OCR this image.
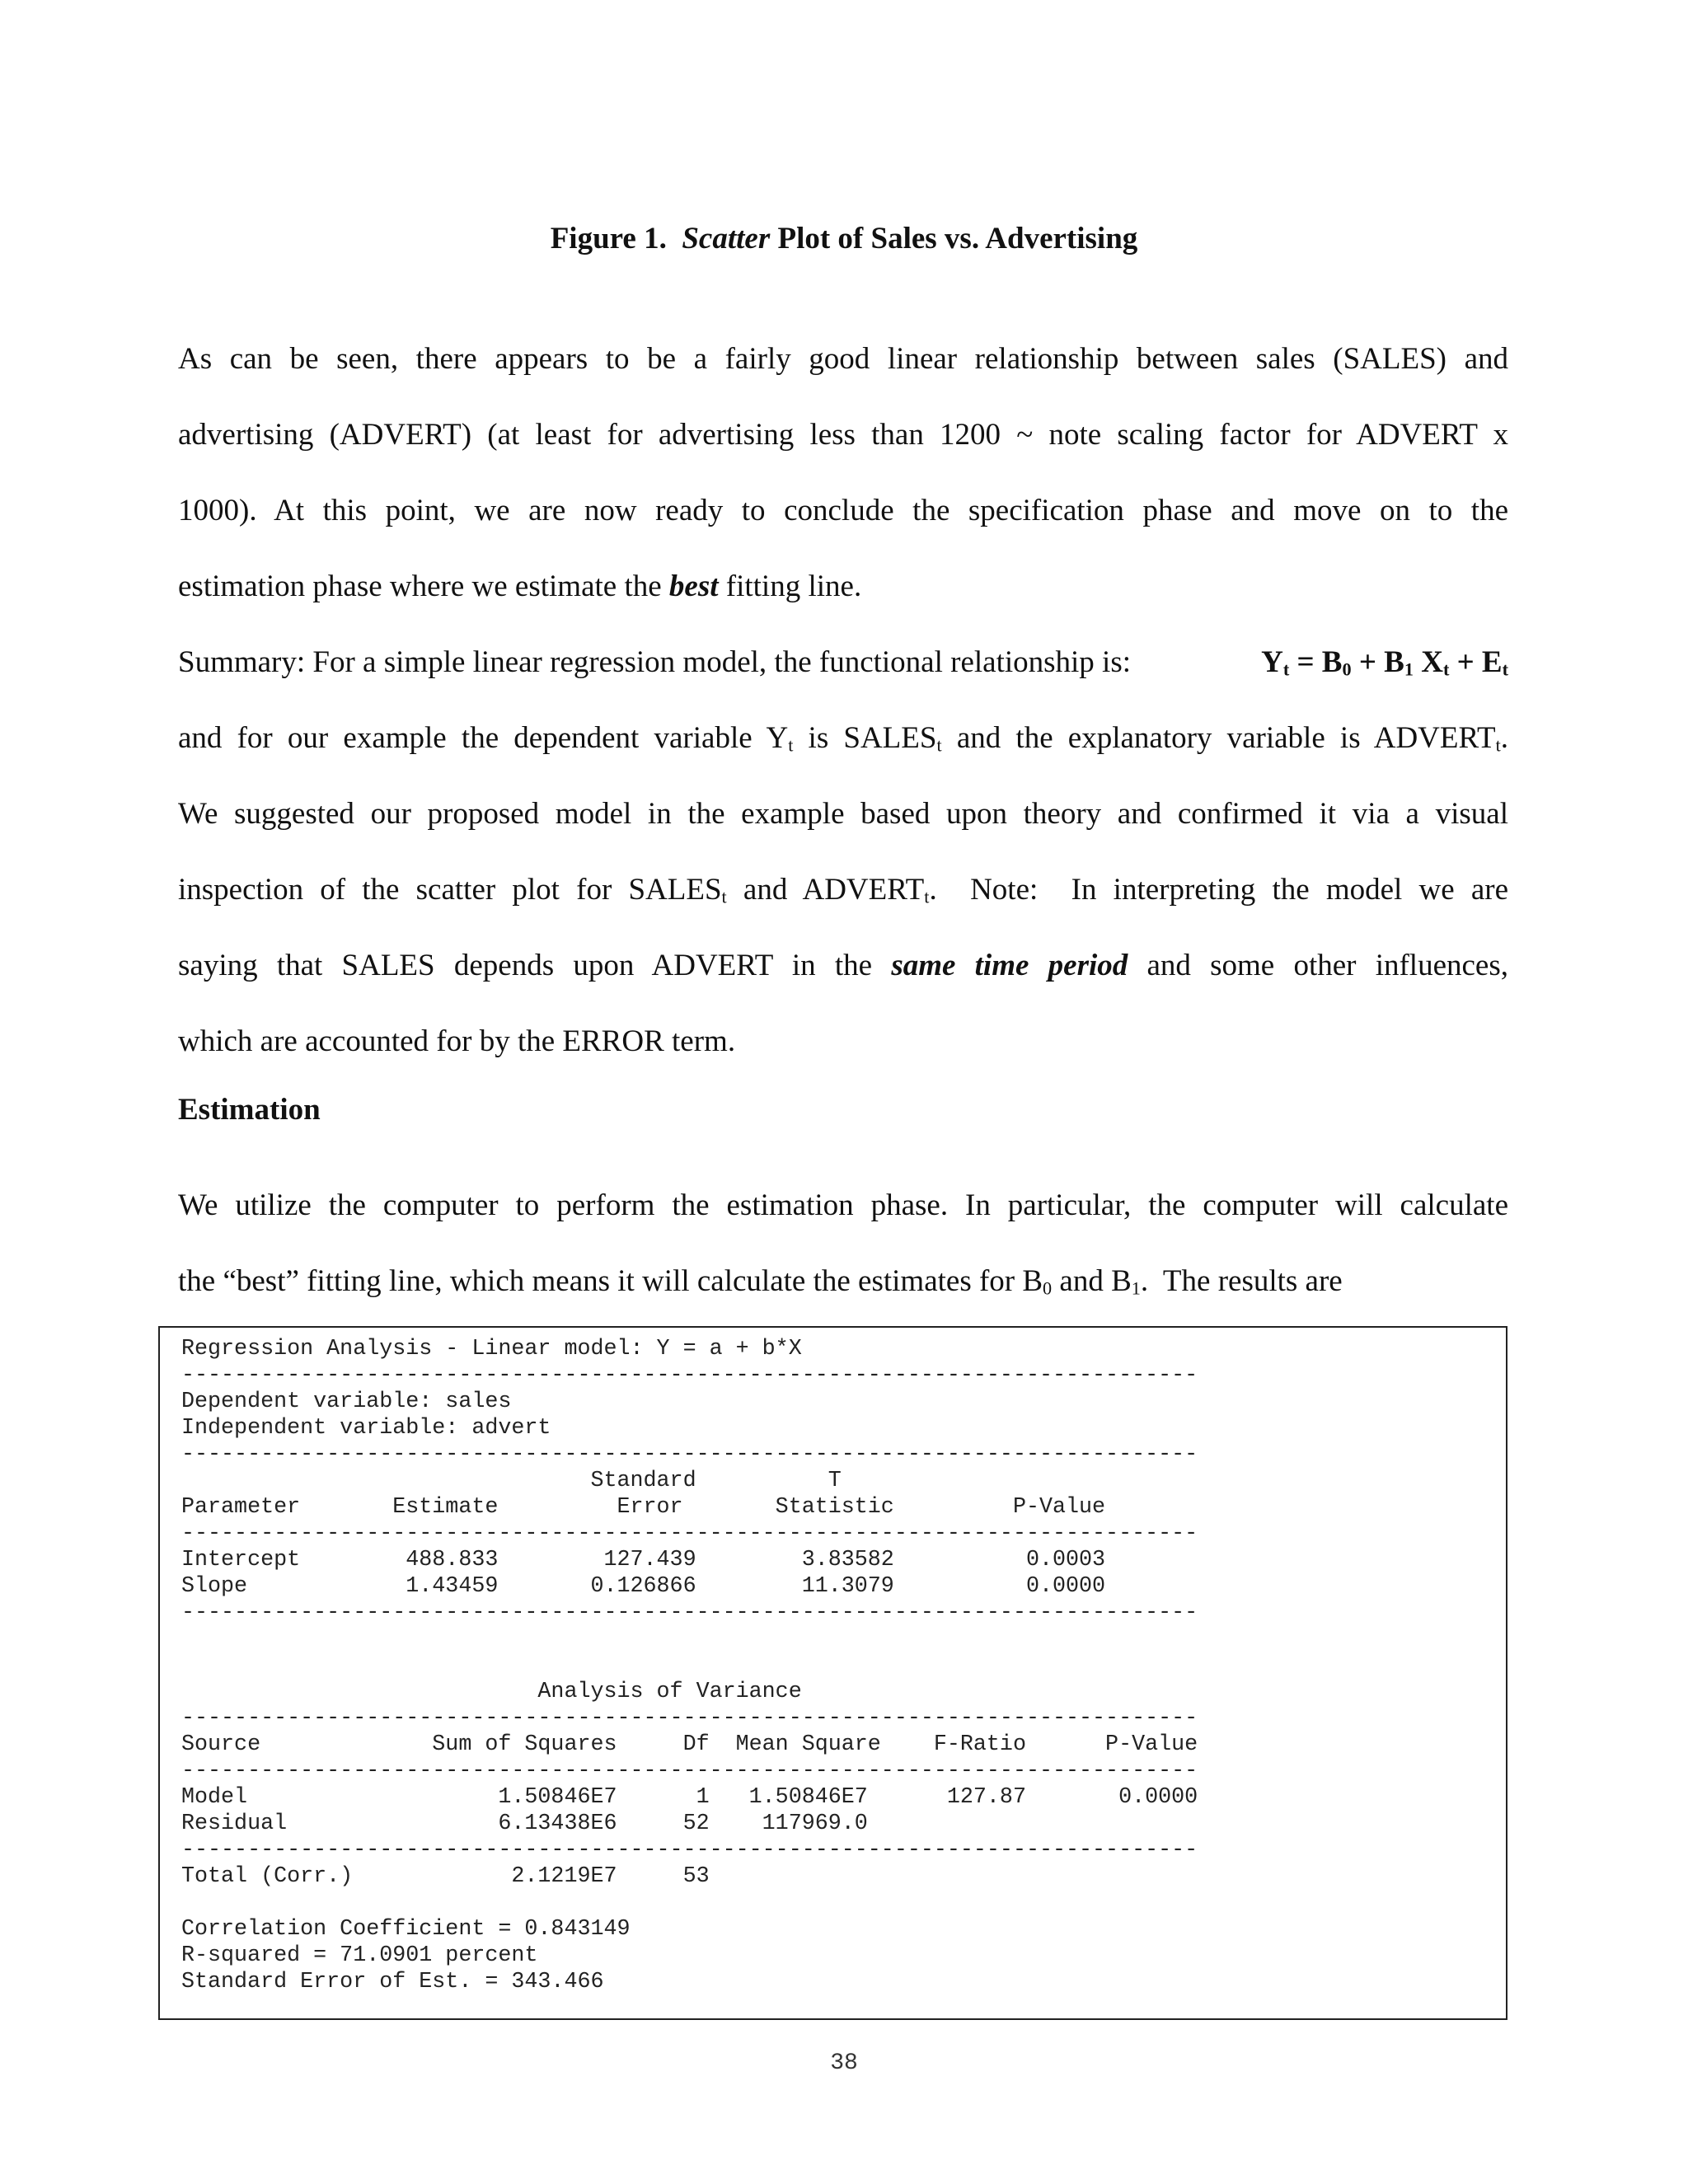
Figure 1. Scatter Plot of Sales vs. Advertising
As can be seen, there appears to be a fairly good linear relationship between sales (SALES) and
advertising (ADVERT) (at least for advertising less than 1200 ~ note scaling factor for ADVERT x
1000). At this point, we are now ready to conclude the specification phase and move on to the
estimation phase where we estimate the best fitting line.
Summary: For a simple linear regression model, the functional relationship is:	$Y_t = B_0 + B_1$ $X_t + E_t$
and for our example the dependent variable $Y_t$ is $SALES_t$ and the explanatory variable is $ADVERT_t$.
We suggested our proposed model in the example based upon theory and confirmed it via a visual
inspection of the scatter plot for $SALES_t$ and $ADVERT_t$.  Note:  In interpreting the model we are
saying that SALES depends upon ADVERT in the same time period and some other influences,
which are accounted for by the ERROR term.
Estimation
We utilize the computer to perform the estimation phase. In particular, the computer will calculate
the “best” fitting line, which means it will calculate the estimates for $B_0$ and $B_1$.  The results are
Regression Analysis - Linear model: Y = a + b*X
-----------------------------------------------------------------------------
Dependent variable: sales
Independent variable: advert
-----------------------------------------------------------------------------
Standard          T
Parameter       Estimate         Error       Statistic         P-Value
-----------------------------------------------------------------------------
Intercept        488.833        127.439        3.83582          0.0003
Slope            1.43459       0.126866        11.3079          0.0000
-----------------------------------------------------------------------------
Analysis of Variance
-----------------------------------------------------------------------------
Source             Sum of Squares     Df  Mean Square    F-Ratio      P-Value
-----------------------------------------------------------------------------
Model                   1.50846E7      1   1.50846E7      127.87       0.0000
Residual                6.13438E6     52    117969.0
-----------------------------------------------------------------------------
Total (Corr.)            2.1219E7     53
Correlation Coefficient = 0.843149
R-squared = 71.0901 percent
Standard Error of Est. = 343.466
38
